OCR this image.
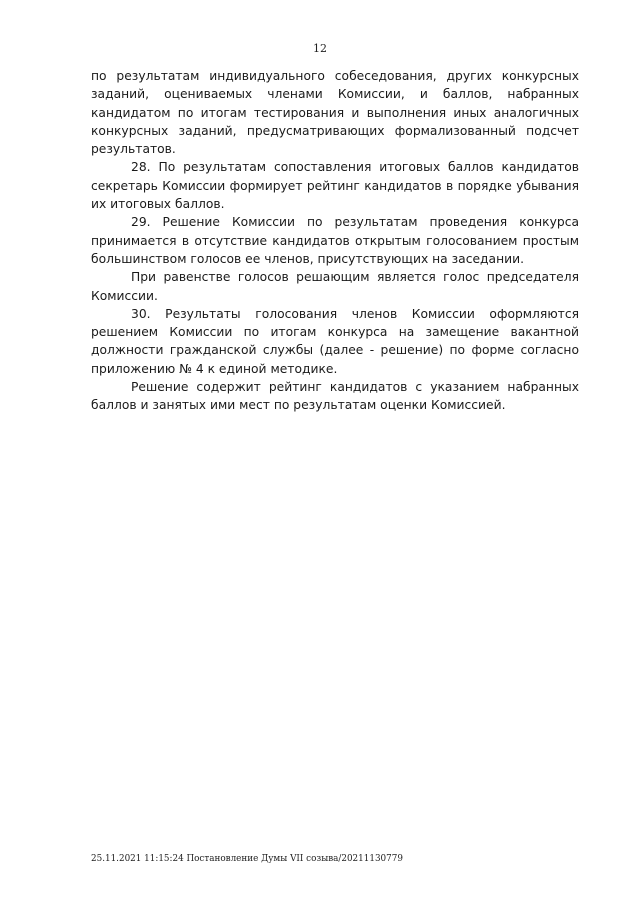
12

по результатам индивидуального собеседования, других конкурсных заданий, оцениваемых членами Комиссии, и баллов, набранных кандидатом по итогам тестирования и выполнения иных аналогичных конкурсных заданий, предусматривающих формализованный подсчет результатов.

28. По результатам сопоставления итоговых баллов кандидатов секретарь Комиссии формирует рейтинг кандидатов в порядке убывания их итоговых баллов.

29. Решение Комиссии по результатам проведения конкурса принимается в отсутствие кандидатов открытым голосованием простым большинством голосов ее членов, присутствующих на заседании.

При равенстве голосов решающим является голос председателя Комиссии.

30. Результаты голосования членов Комиссии оформляются решением Комиссии по итогам конкурса на замещение вакантной должности гражданской службы (далее - решение) по форме согласно приложению № 4 к единой методике.

Решение содержит рейтинг кандидатов с указанием набранных баллов и занятых ими мест по результатам оценки Комиссией.

25.11.2021 11:15:24 Постановление Думы VII созыва/20211130779
